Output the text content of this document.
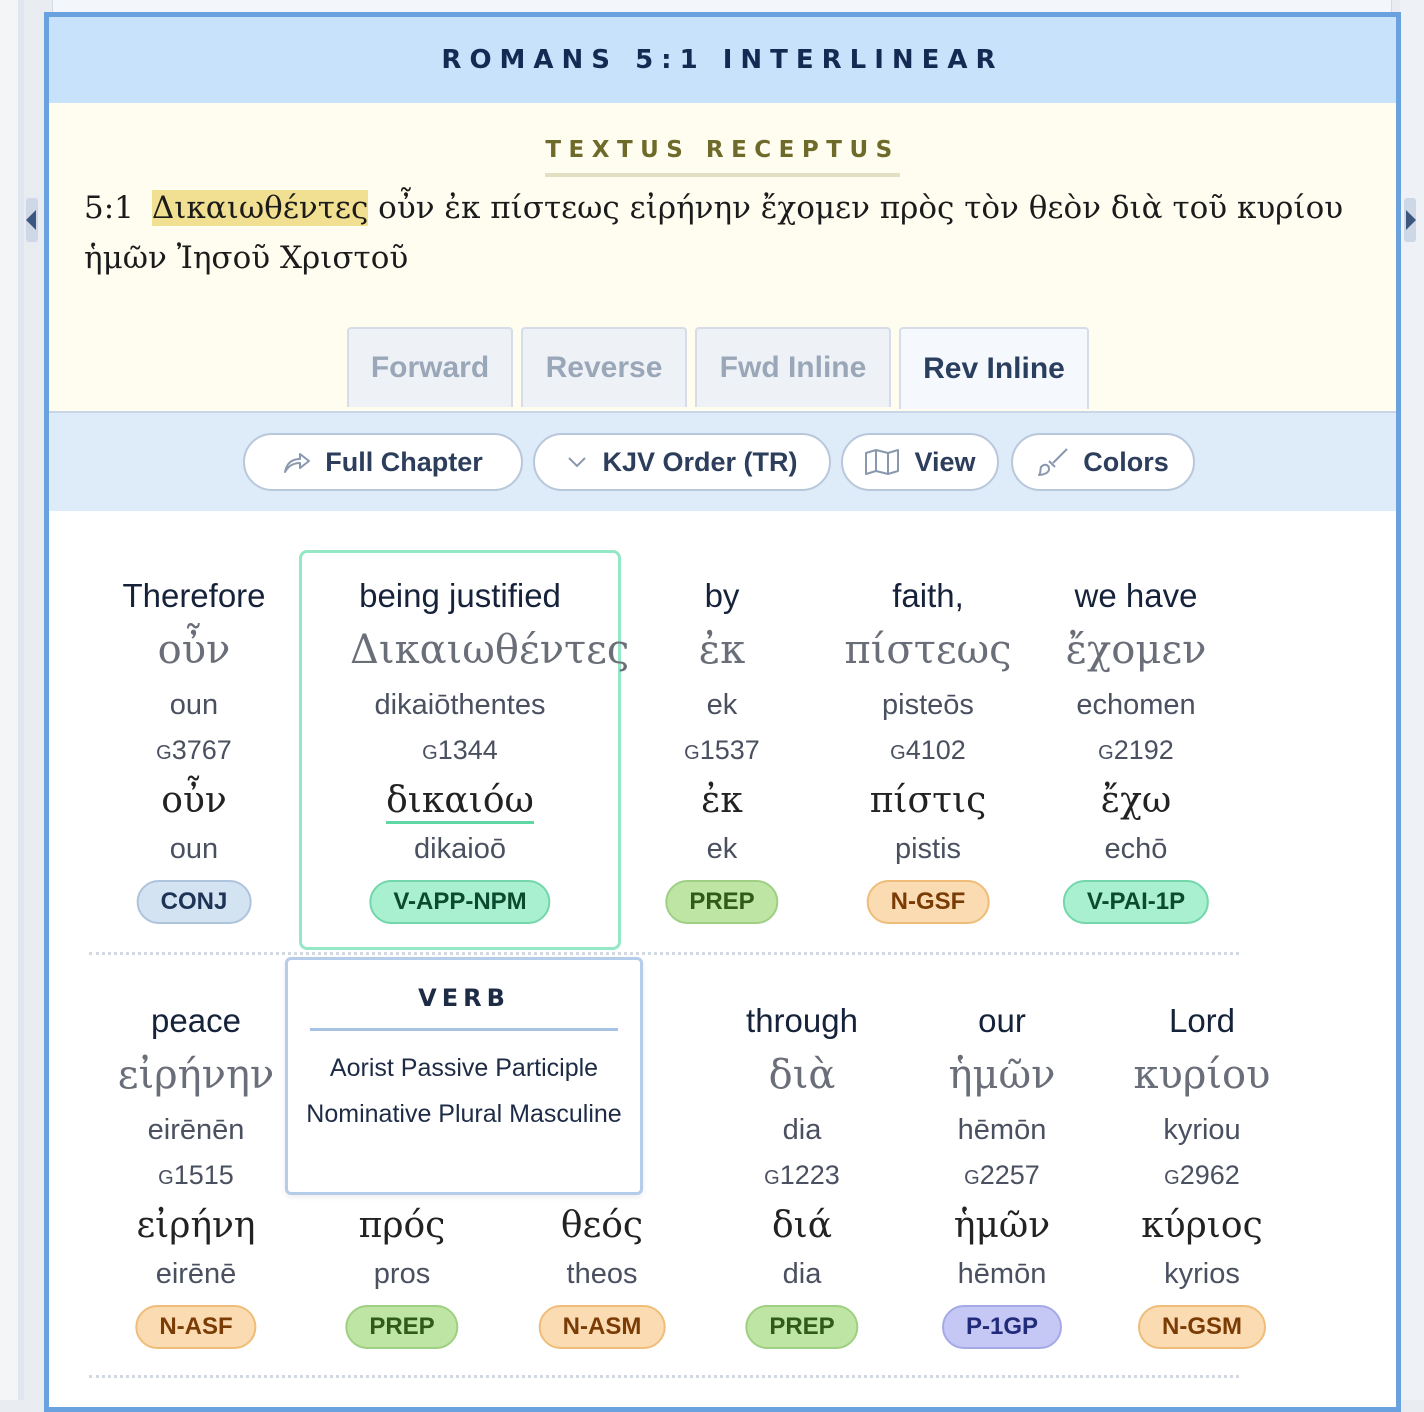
ROMANS 5:1 INTERLINEAR
TEXTUS RECEPTUS
5:1 Δικαιωθέντες οὖν ἐκ πίστεως εἰρήνην ἔχομεν πρὸς τὸν θεὸν διὰ τοῦ κυρίου ἡμῶν Ἰησοῦ Χριστοῦ
Forward	Reverse	Fwd Inline	Rev Inline
Full Chapter	KJV Order (TR)	View	Colors
Therefore
οὖν
oun
G3767
οὖν
oun
CONJ
being justified
Δικαιωθέντες
dikaiōthentes
G1344
δικαιόω
dikaioō
V-APP-NPM
by
ἐκ
ek
G1537
ἐκ
ek
PREP
faith,
πίστεως
pisteōs
G4102
πίστις
pistis
N-GSF
we have
ἔχομεν
echomen
G2192
ἔχω
echō
V-PAI-1P
peace
εἰρήνην
eirēnēn
G1515
εἰρήνη
eirēnē
N-ASF
πρός
pros
PREP
θεός
theos
N-ASM
through
διὰ
dia
G1223
διά
dia
PREP
our
ἡμῶν
hēmōn
G2257
ἡμῶν
hēmōn
P-1GP
Lord
κυρίου
kyriou
G2962
κύριος
kyrios
N-GSM
VERB
Aorist Passive Participle
Nominative Plural Masculine
